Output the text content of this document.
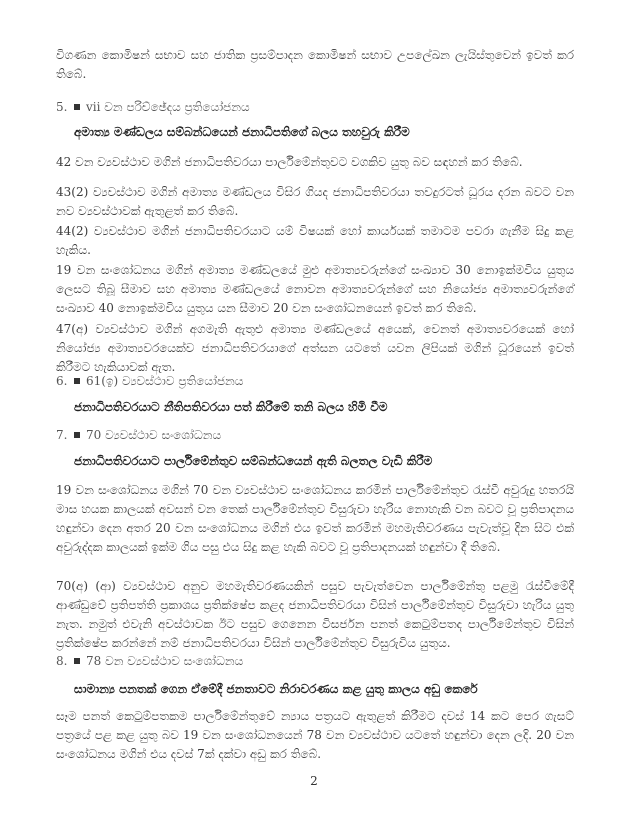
විගණන කොමිෂන් සභාව සහ ජාතික ප්‍රසම්පාදන කොමිෂන් සභාව උපලේඛන ලැයිස්තුවෙන් ඉවත් කර තිබේ.
5. vii වන පරිච්ඡේදය ප්‍රතියෝජනය
අමාත්‍ය මණ්ඩලය සම්බන්ධයෙන් ජනාධිපතිගේ බලය තහවුරු කිරීම
42 වන ව්‍යවස්ථාව මගින් ජනාධිපතිවරයා පාර්ලිමේන්තුවට වගකිව යුතු බව සඳහන් කර තිබේ.
43(2) ව්‍යවස්ථාව මගින් අමාත්‍ය මණ්ඩලය විසිර ගියද ජනාධිපතිවරයා තවදුරටත් ධූරය දරන බවට වන නව ව්‍යවස්ථාවක් ඇතුළත් කර තිබේ.
44(2) ව්‍යවස්ථාව මගින් ජනාධිපතිවරයාට යම් විෂයක් හෝ කාර්යයක් තමාටම පවරා ගැනීම සිදු කළ හැකිය.
19 වන සංශෝධනය මගින් අමාත්‍ය මණ්ඩලයේ මුළු අමාත්‍යවරුන්ගේ සංඛ්‍යාව 30 නොඉක්මවිය යුතුය ලෙසට තිබූ සීමාව සහ අමාත්‍ය මණ්ඩලයේ නොවන අමාත්‍යවරුන්ගේ සහ නියෝජ්‍ය අමාත්‍යවරුන්ගේ සංඛ්‍යාව 40 නොඉක්මවිය යුතුය යන සීමාව 20 වන සංශෝධනයෙන් ඉවත් කර තිබේ.
47(අ) ව්‍යවස්ථාව මගින් අගමැති ඇතුළු අමාත්‍ය මණ්ඩලයේ අයෙක්, වෙනත් අමාත්‍යවරයෙක් හෝ නියෝජ්‍ය අමාත්‍යවරයෙක්ව ජනාධිපතිවරයාගේ අත්සන යටතේ යවන ලිපියක් මගින් ධූරයෙන් ඉවත් කිරීමට හැකියාවක් ඇත.
6. 61(ඉ) ව්‍යවස්ථාව ප්‍රතියෝජනය
ජනාධිපතිවරයාට නීතිපතිවරයා පත් කිරීමේ තනි බලය හිමි වීම
7. 70 ව්‍යවස්ථාව සංශෝධනය
ජනාධිපතිවරයාට පාර්ලිමේන්තුව සම්බන්ධයෙන් ඇති බලතල වැඩි කිරීම
19 වන සංශෝධනය මගින් 70 වන ව්‍යවස්ථාව සංශෝධනය කරමින් පාර්ලිමේන්තුව රැස්වී අවුරුදු හතරයි මාස හයක කාලයක් අවසන් වන තෙක් පාර්ලිමේන්තුව විසුරුවා හැරිය නොහැකි වන බවට වූ ප්‍රතිපාදනය හඳුන්වා දෙන අතර 20 වන සංශෝධනය මගින් එය ඉවත් කරමින් මහමැතිවරණය පැවැත්වූ දින සිට එක් අවුරුද්දක කාලයක් ඉක්ම ගිය පසු එය සිදු කළ හැකි බවට වූ ප්‍රතිපාදනයක් හඳුන්වා දී තිබේ.
70(අ) (ආ) ව්‍යවස්ථාව අනුව මහමැතිවරණයකින් පසුව පැවැත්වෙන පාර්ලිමේන්තු පළමු රැස්වීමේදී ආණ්ඩුවේ ප්‍රතිපත්ති ප්‍රකාශය ප්‍රතික්ෂේප කළද ජනාධිපතිවරයා විසින් පාර්ලිමේන්තුව විසුරුවා හැරිය යුතු නැත. නමුත් එවැනි අවස්ථාවක ඊට පසුව ගෙනෙන විසර්ජන පනත් කෙටුම්පතද පාර්ලිමේන්තුව විසින් ප්‍රතික්ෂේප කරන්නේ නම් ජනාධිපතිවරයා විසින් පාර්ලිමේන්තුව විසුරුවිය යුතුය.
8. 78 වන ව්‍යවස්ථාව සංශෝධනය
සාමාන්‍ය පනතක් ගෙන ඒමේදී ජනතාවට නිරාවරණය කළ යුතු කාලය අඩු කෙරේ
සෑම පනත් කෙටුම්පතකම පාර්ලිමේන්තුවේ න්‍යාය පත්‍රයට ඇතුළත් කිරීමට දවස් 14 කට පෙර ගැසට් පත්‍රයේ පළ කළ යුතු බව 19 වන සංශෝධනයෙන් 78 වන ව්‍යවස්ථාව යටතේ හඳුන්වා දෙන ලදි. 20 වන සංශෝධනය මගින් එය දවස් 7ක් දක්වා අඩු කර තිබේ.
2
